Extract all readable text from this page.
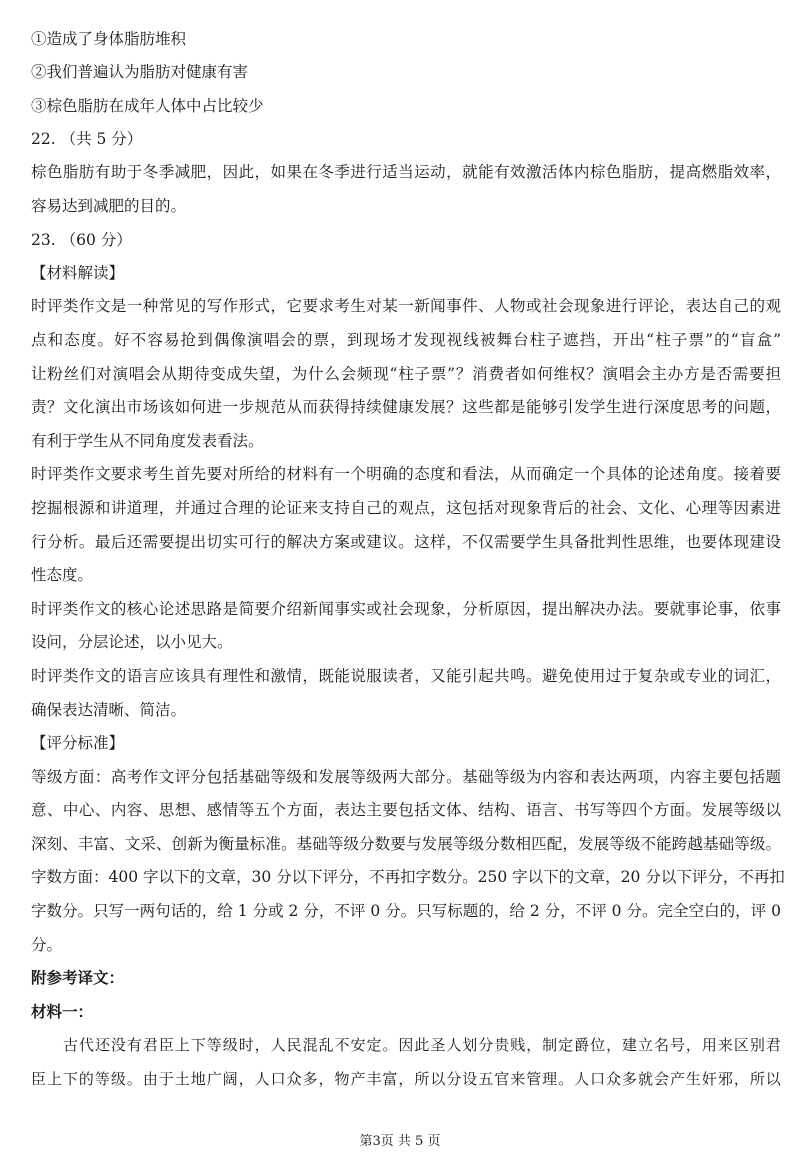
①造成了身体脂肪堆积
②我们普遍认为脂肪对健康有害
③棕色脂肪在成年人体中占比较少
22. （共 5 分）
棕色脂肪有助于冬季减肥，因此，如果在冬季进行适当运动，就能有效激活体内棕色脂肪，提高燃脂效率，
容易达到减肥的目的。
23. （60 分）
【材料解读】
时评类作文是一种常见的写作形式，它要求考生对某一新闻事件、人物或社会现象进行评论，表达自己的观
点和态度。好不容易抢到偶像演唱会的票，到现场才发现视线被舞台柱子遮挡，开出“柱子票”的“盲盒”
让粉丝们对演唱会从期待变成失望，为什么会频现“柱子票”？消费者如何维权？演唱会主办方是否需要担
责？文化演出市场该如何进一步规范从而获得持续健康发展？这些都是能够引发学生进行深度思考的问题，
有利于学生从不同角度发表看法。
时评类作文要求考生首先要对所给的材料有一个明确的态度和看法，从而确定一个具体的论述角度。接着要
挖掘根源和讲道理，并通过合理的论证来支持自己的观点，这包括对现象背后的社会、文化、心理等因素进
行分析。最后还需要提出切实可行的解决方案或建议。这样，不仅需要学生具备批判性思维，也要体现建设
性态度。
时评类作文的核心论述思路是简要介绍新闻事实或社会现象，分析原因，提出解决办法。要就事论事，依事
设问，分层论述，以小见大。
时评类作文的语言应该具有理性和激情，既能说服读者，又能引起共鸣。避免使用过于复杂或专业的词汇，
确保表达清晰、简洁。
【评分标准】
等级方面：高考作文评分包括基础等级和发展等级两大部分。基础等级为内容和表达两项，内容主要包括题
意、中心、内容、思想、感情等五个方面，表达主要包括文体、结构、语言、书写等四个方面。发展等级以
深刻、丰富、文采、创新为衡量标准。基础等级分数要与发展等级分数相匹配，发展等级不能跨越基础等级。
字数方面：400 字以下的文章，30 分以下评分，不再扣字数分。250 字以下的文章，20 分以下评分，不再扣
字数分。只写一两句话的，给 1 分或 2 分，不评 0 分。只写标题的，给 2 分，不评 0 分。完全空白的，评 0
分。
附参考译文：
材料一：
古代还没有君臣上下等级时，人民混乱不安定。因此圣人划分贵贱，制定爵位，建立名号，用来区别君
臣上下的等级。由于土地广阔，人口众多，物产丰富，所以分设五官来管理。人口众多就会产生奸邪，所以
第3页 共 5 页
